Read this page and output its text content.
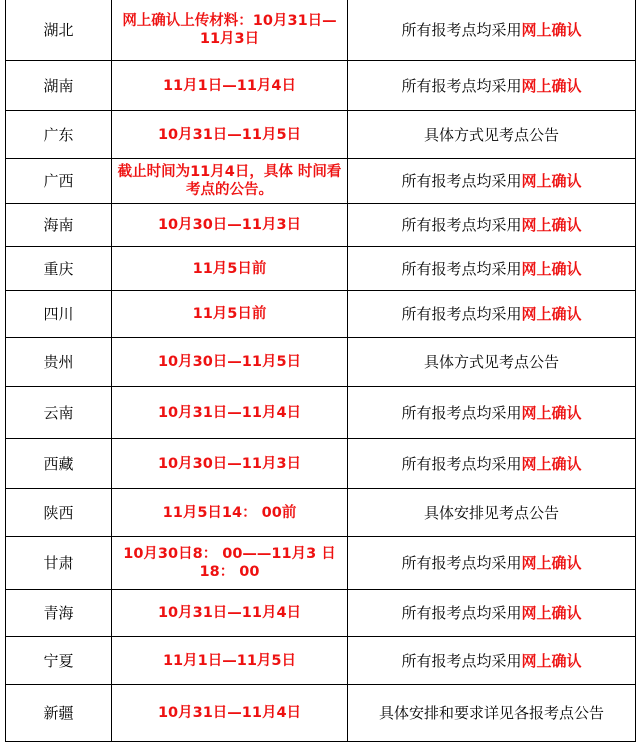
湖北	网上确认上传材料：10月31日—11月3日	所有报考点均采用网上确认
湖南	11月1日—11月4日	所有报考点均采用网上确认
广东	10月31日—11月5日	具体方式见考点公告
广西	截止时间为11月4日，具体 时间看考点的公告。	所有报考点均采用网上确认
海南	10月30日—11月3日	所有报考点均采用网上确认
重庆	11月5日前	所有报考点均采用网上确认
四川	11月5日前	所有报考点均采用网上确认
贵州	10月30日—11月5日	具体方式见考点公告
云南	10月31日—11月4日	所有报考点均采用网上确认
西藏	10月30日—11月3日	所有报考点均采用网上确认
陕西	11月5日14： 00前	具体安排见考点公告
甘肃	10月30日8： 00——11月3 日 18： 00	所有报考点均采用网上确认
青海	10月31日—11月4日	所有报考点均采用网上确认
宁夏	11月1日—11月5日	所有报考点均采用网上确认
新疆	10月31日—11月4日	具体安排和要求详见各报考点公告
